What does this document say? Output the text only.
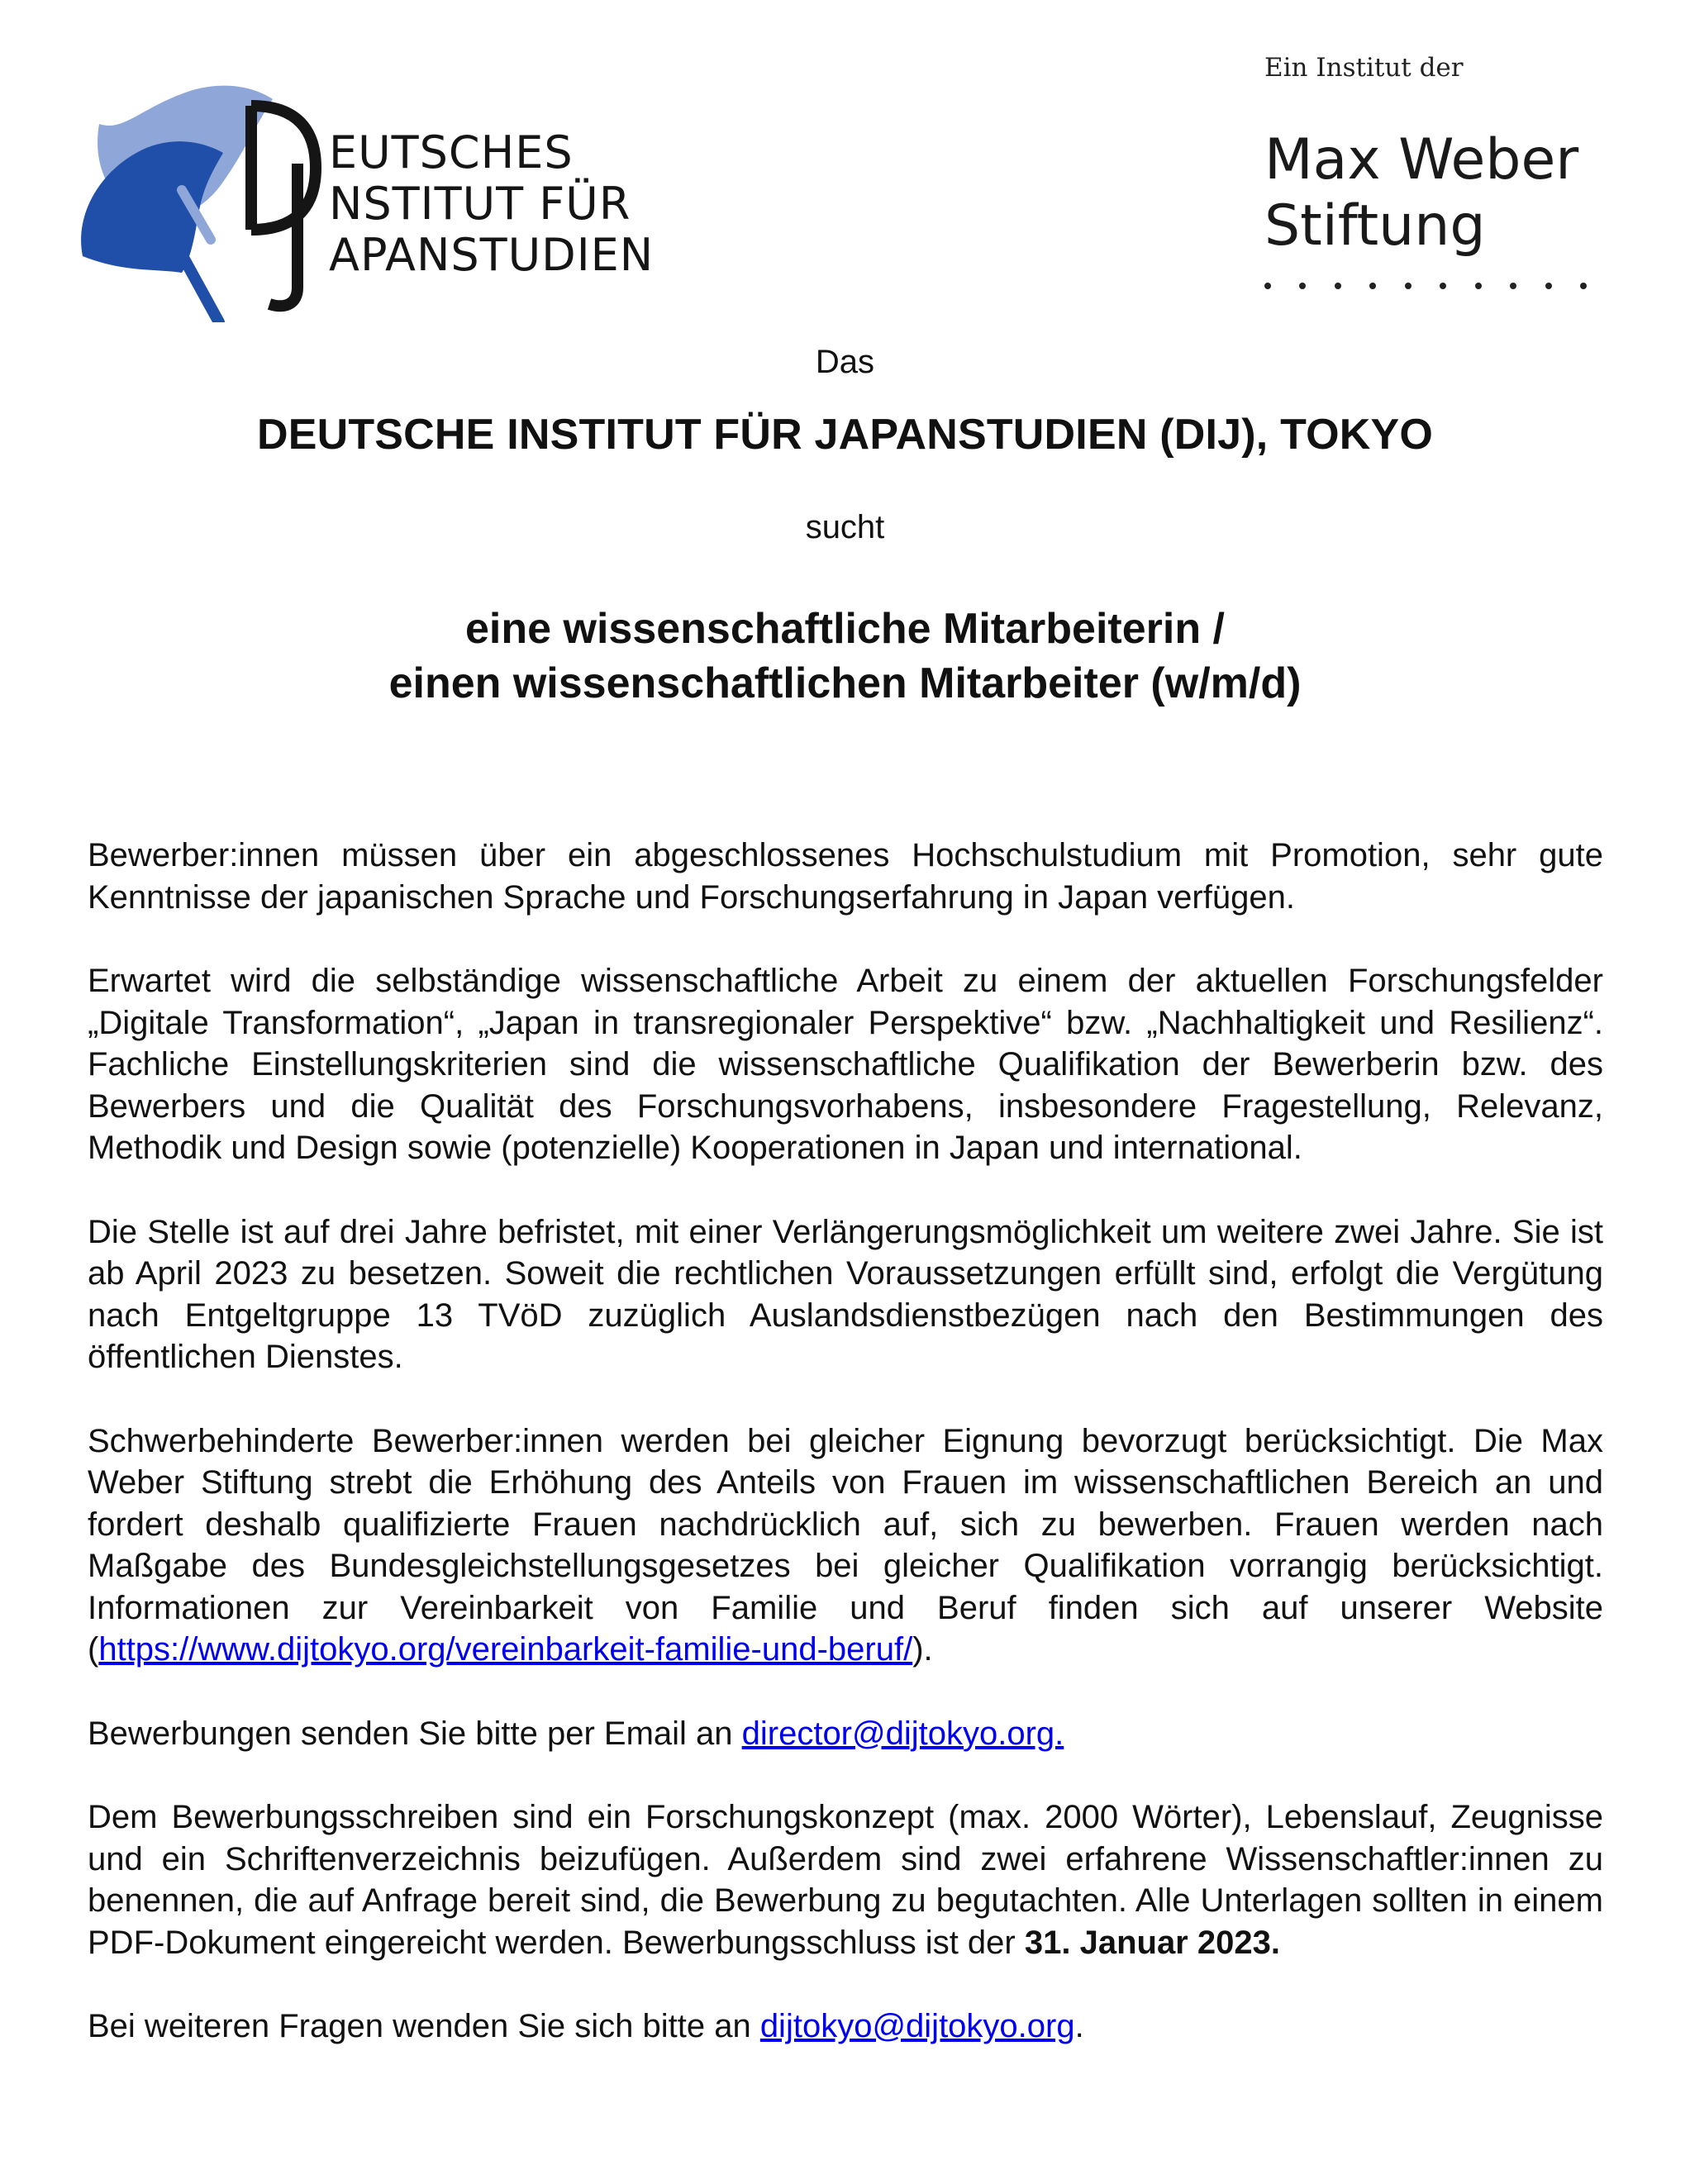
EUTSCHES
NSTITUT FÜR
APANSTUDIEN

Ein Institut der

Max Weber
Stiftung
Das
DEUTSCHE INSTITUT FÜR JAPANSTUDIEN (DIJ), TOKYO
sucht
eine wissenschaftliche Mitarbeiterin /
einen wissenschaftlichen Mitarbeiter (w/m/d)

Bewerber:innen müssen über ein abgeschlossenes Hochschulstudium mit Promotion, sehr gute Kenntnisse der japanischen Sprache und Forschungserfahrung in Japan verfügen.

Erwartet wird die selbständige wissenschaftliche Arbeit zu einem der aktuellen Forschungsfelder „Digitale Transformation“, „Japan in transregionaler Perspektive“ bzw. „Nachhaltigkeit und Resilienz“. Fachliche Einstellungskriterien sind die wissenschaftliche Qualifikation der Bewerberin bzw. des Bewerbers und die Qualität des Forschungsvorhabens, insbesondere Fragestellung, Relevanz, Methodik und Design sowie (potenzielle) Kooperationen in Japan und international.

Die Stelle ist auf drei Jahre befristet, mit einer Verlängerungsmöglichkeit um weitere zwei Jahre. Sie ist ab April 2023 zu besetzen. Soweit die rechtlichen Voraussetzungen erfüllt sind, erfolgt die Vergütung nach Entgeltgruppe 13 TVöD zuzüglich Auslandsdienstbezügen nach den Bestimmungen des öffentlichen Dienstes.

Schwerbehinderte Bewerber:innen werden bei gleicher Eignung bevorzugt berücksichtigt. Die Max Weber Stiftung strebt die Erhöhung des Anteils von Frauen im wissenschaftlichen Bereich an und fordert deshalb qualifizierte Frauen nachdrücklich auf, sich zu bewerben. Frauen werden nach Maßgabe des Bundesgleichstellungsgesetzes bei gleicher Qualifikation vorrangig berücksichtigt. Informationen zur Vereinbarkeit von Familie und Beruf finden sich auf unserer Website (https://www.dijtokyo.org/vereinbarkeit-familie-und-beruf/).

Bewerbungen senden Sie bitte per Email an director@dijtokyo.org.

Dem Bewerbungsschreiben sind ein Forschungskonzept (max. 2000 Wörter), Lebenslauf, Zeugnisse und ein Schriftenverzeichnis beizufügen. Außerdem sind zwei erfahrene Wissenschaftler:innen zu benennen, die auf Anfrage bereit sind, die Bewerbung zu begutachten. Alle Unterlagen sollten in einem PDF-Dokument eingereicht werden. Bewerbungsschluss ist der 31. Januar 2023.

Bei weiteren Fragen wenden Sie sich bitte an dijtokyo@dijtokyo.org.
